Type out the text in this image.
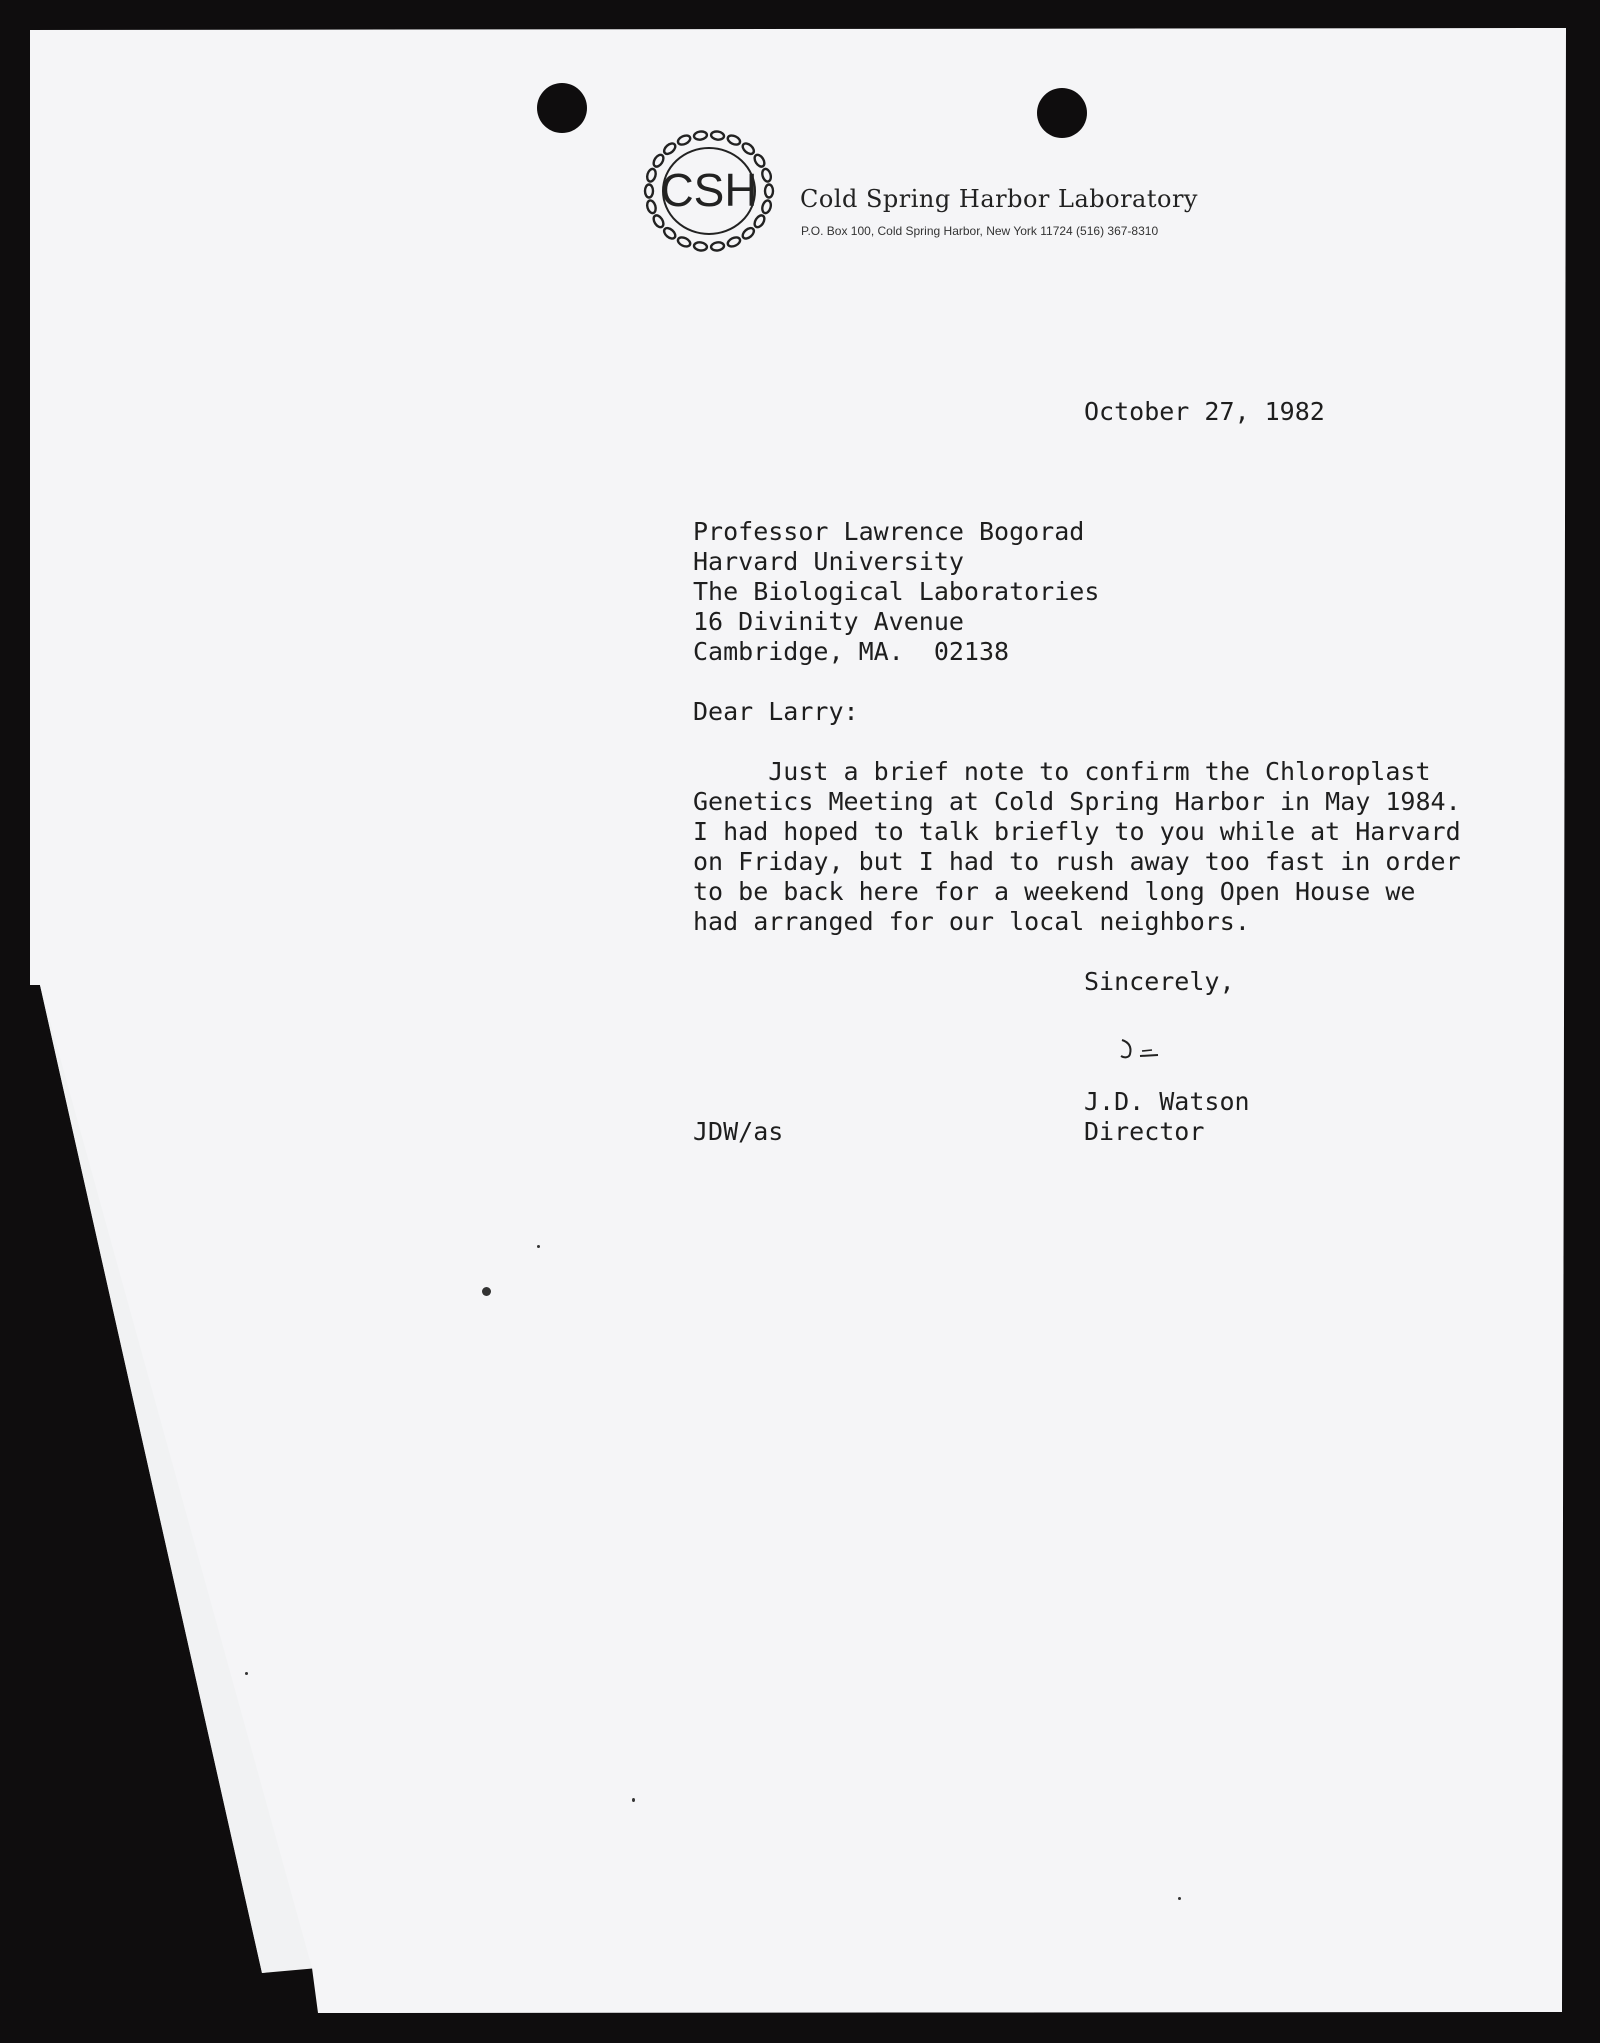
CSH Cold Spring Harbor Laboratory
P.O. Box 100, Cold Spring Harbor, New York 11724 (516) 367-8310

October 27, 1982

Professor Lawrence Bogorad

Harvard University

The Biological Laboratories

16 Divinity Avenue

Cambridge, MA.  02138

Dear Larry:

Just a brief note to confirm the Chloroplast

Genetics Meeting at Cold Spring Harbor in May 1984.

I had hoped to talk briefly to you while at Harvard

on Friday, but I had to rush away too fast in order

to be back here for a weekend long Open House we

had arranged for our local neighbors.

Sincerely,

J.D. Watson

Director

JDW/as
